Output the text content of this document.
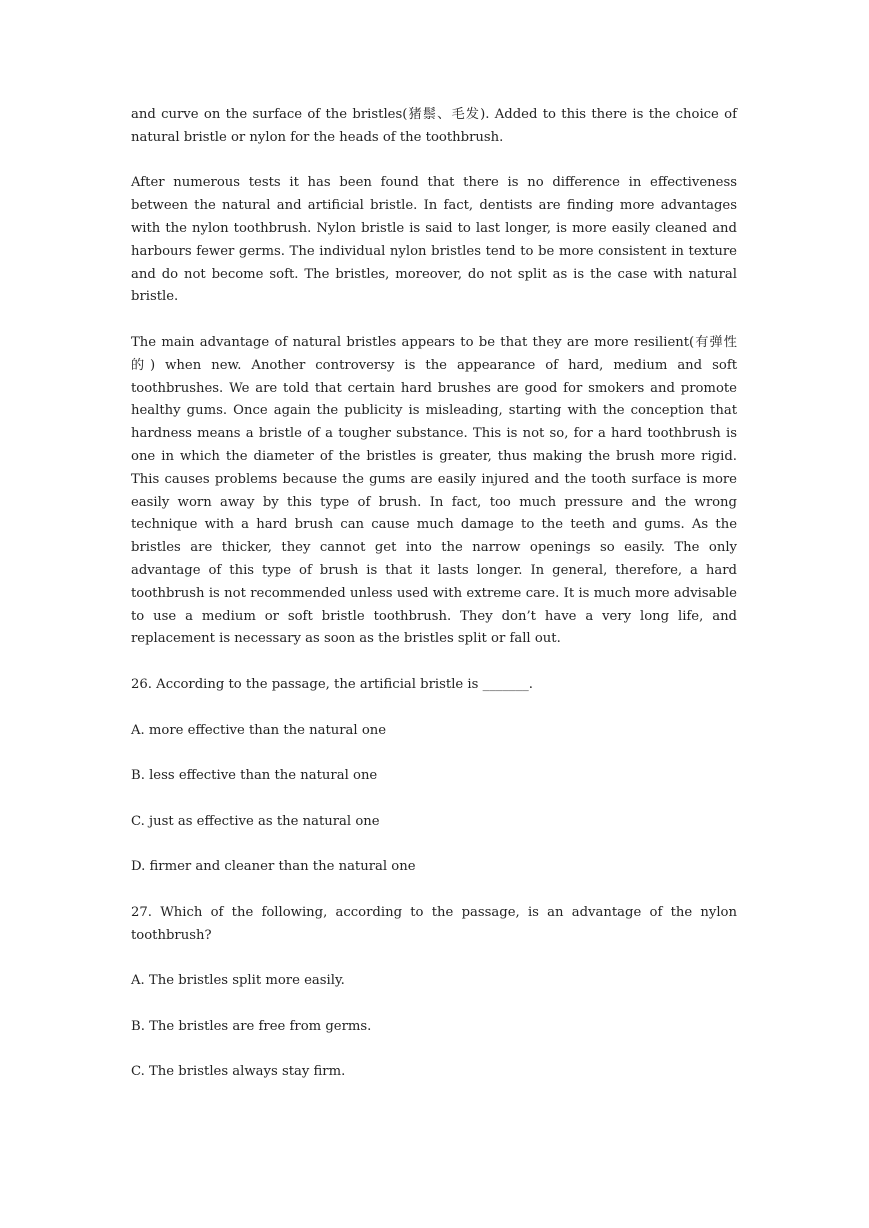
and curve on the surface of the bristles(猪鬃、毛发). Added to this there is the choice of natural bristle or nylon for the heads of the toothbrush.

After numerous tests it has been found that there is no difference in effectiveness between the natural and artificial bristle. In fact, dentists are finding more advantages with the nylon toothbrush. Nylon bristle is said to last longer, is more easily cleaned and harbours fewer germs. The individual nylon bristles tend to be more consistent in texture and do not become soft. The bristles, moreover, do not split as is the case with natural bristle.

The main advantage of natural bristles appears to be that they are more resilient(有弹性的) when new. Another controversy is the appearance of hard, medium and soft toothbrushes. We are told that certain hard brushes are good for smokers and promote healthy gums. Once again the publicity is misleading, starting with the conception that hardness means a bristle of a tougher substance. This is not so, for a hard toothbrush is one in which the diameter of the bristles is greater, thus making the brush more rigid. This causes problems because the gums are easily injured and the tooth surface is more easily worn away by this type of brush. In fact, too much pressure and the wrong technique with a hard brush can cause much damage to the teeth and gums. As the bristles are thicker, they cannot get into the narrow openings so easily. The only advantage of this type of brush is that it lasts longer. In general, therefore, a hard toothbrush is not recommended unless used with extreme care. It is much more advisable to use a medium or soft bristle toothbrush. They don’t have a very long life, and replacement is necessary as soon as the bristles split or fall out.

26. According to the passage, the artificial bristle is _______.

A. more effective than the natural one

B. less effective than the natural one

C. just as effective as the natural one

D. firmer and cleaner than the natural one

27. Which of the following, according to the passage, is an advantage of the nylon toothbrush?

A. The bristles split more easily.

B. The bristles are free from germs.

C. The bristles always stay firm.
